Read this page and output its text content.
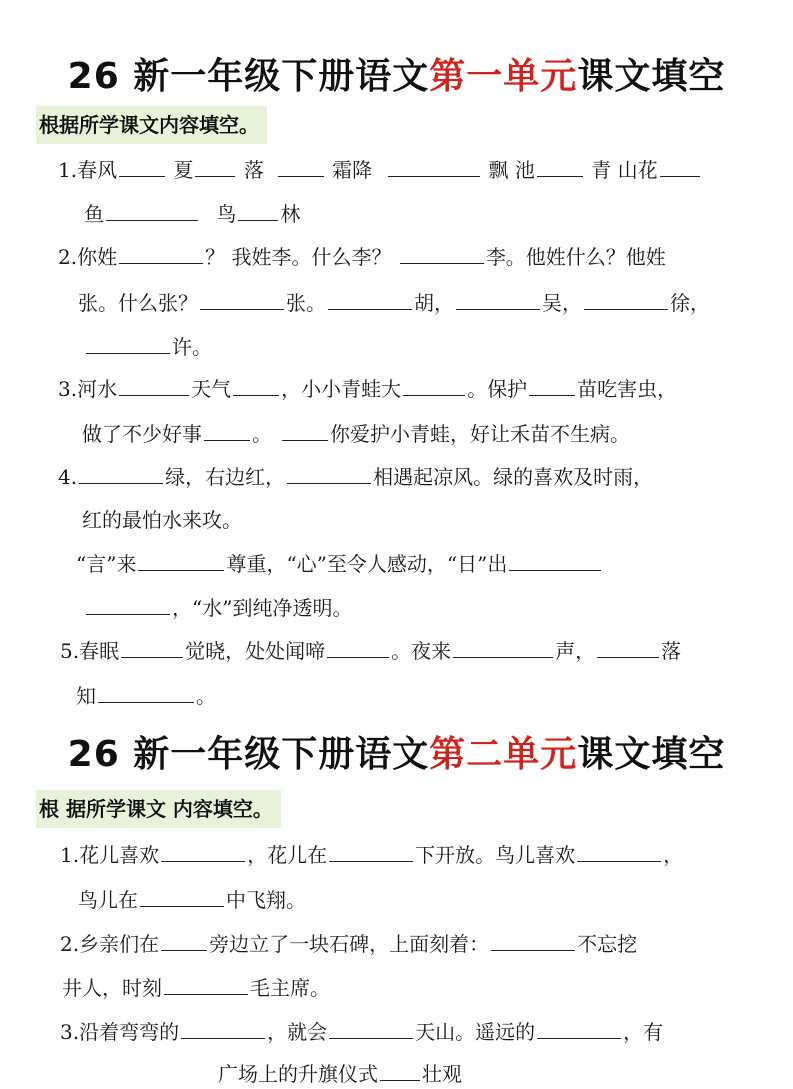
26 新一年级下册语文第一单元课文填空
根据所学课文内容填空。
1.春风	夏	落	霜降	飘 池	青 山花
鱼	鸟 林
2.你姓	？ 我姓李。什么李？	李。他姓什么？他姓
张。什么张？	张。	胡，	吴，	徐，
许。
3.河水	天气	，小小青蛙大	。保护	苗吃害虫，
做了不少好事	。	你爱护小青蛙，好让禾苗不生病。
4.	绿，右边红，	相遇起凉风。绿的喜欢及时雨，
红的最怕水来攻。
“言”来	尊重，“心”至令人感动，“日”出
，“水”到纯净透明。
5.春眠	觉晓，处处闻啼	。夜来	声，	落
知	。
26 新一年级下册语文第二单元课文填空
根 据所学课文 内容填空。
1.花儿喜欢	，花儿在	下开放。鸟儿喜欢	，
鸟儿在	中飞翔。
2.乡亲们在	旁边立了一块石碑，上面刻着：	不忘挖
井人，时刻	毛主席。
3.沿着弯弯的	，就会	天山。遥远的	，有
广场上的升旗仪式 壮观
